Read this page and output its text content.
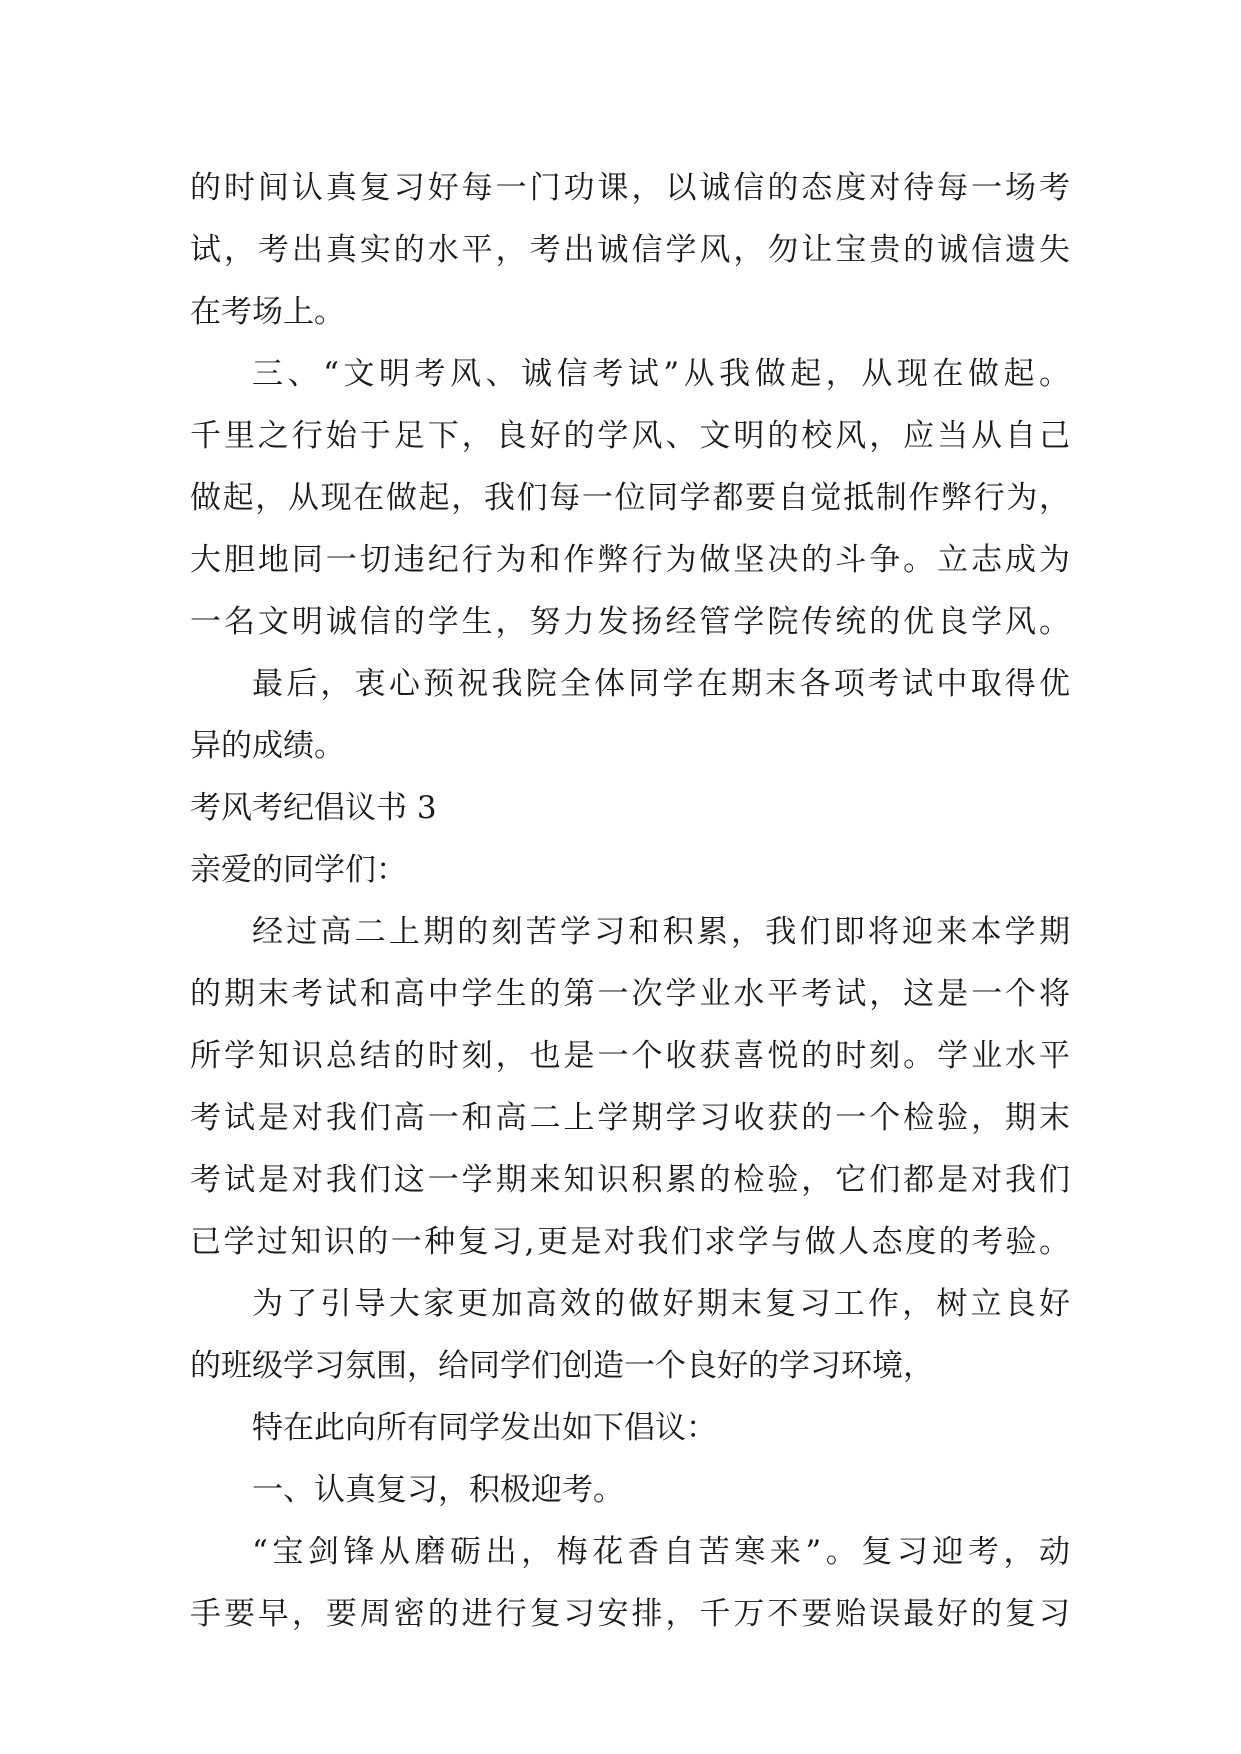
的时间认真复习好每一门功课，以诚信的态度对待每一场考
试，考出真实的水平，考出诚信学风，勿让宝贵的诚信遗失
在考场上。
三、“文明考风、诚信考试”从我做起，从现在做起。
千里之行始于足下，良好的学风、文明的校风，应当从自己
做起，从现在做起，我们每一位同学都要自觉抵制作弊行为，
大胆地同一切违纪行为和作弊行为做坚决的斗争。立志成为
一名文明诚信的学生，努力发扬经管学院传统的优良学风。
最后，衷心预祝我院全体同学在期末各项考试中取得优
异的成绩。
考风考纪倡议书 3
亲爱的同学们：
经过高二上期的刻苦学习和积累，我们即将迎来本学期
的期末考试和高中学生的第一次学业水平考试，这是一个将
所学知识总结的时刻，也是一个收获喜悦的时刻。学业水平
考试是对我们高一和高二上学期学习收获的一个检验，期末
考试是对我们这一学期来知识积累的检验，它们都是对我们
已学过知识的一种复习,更是对我们求学与做人态度的考验。
为了引导大家更加高效的做好期末复习工作，树立良好
的班级学习氛围，给同学们创造一个良好的学习环境，
特在此向所有同学发出如下倡议：
一、认真复习，积极迎考。
“宝剑锋从磨砺出，梅花香自苦寒来”。复习迎考，动
手要早，要周密的进行复习安排，千万不要贻误最好的复习
